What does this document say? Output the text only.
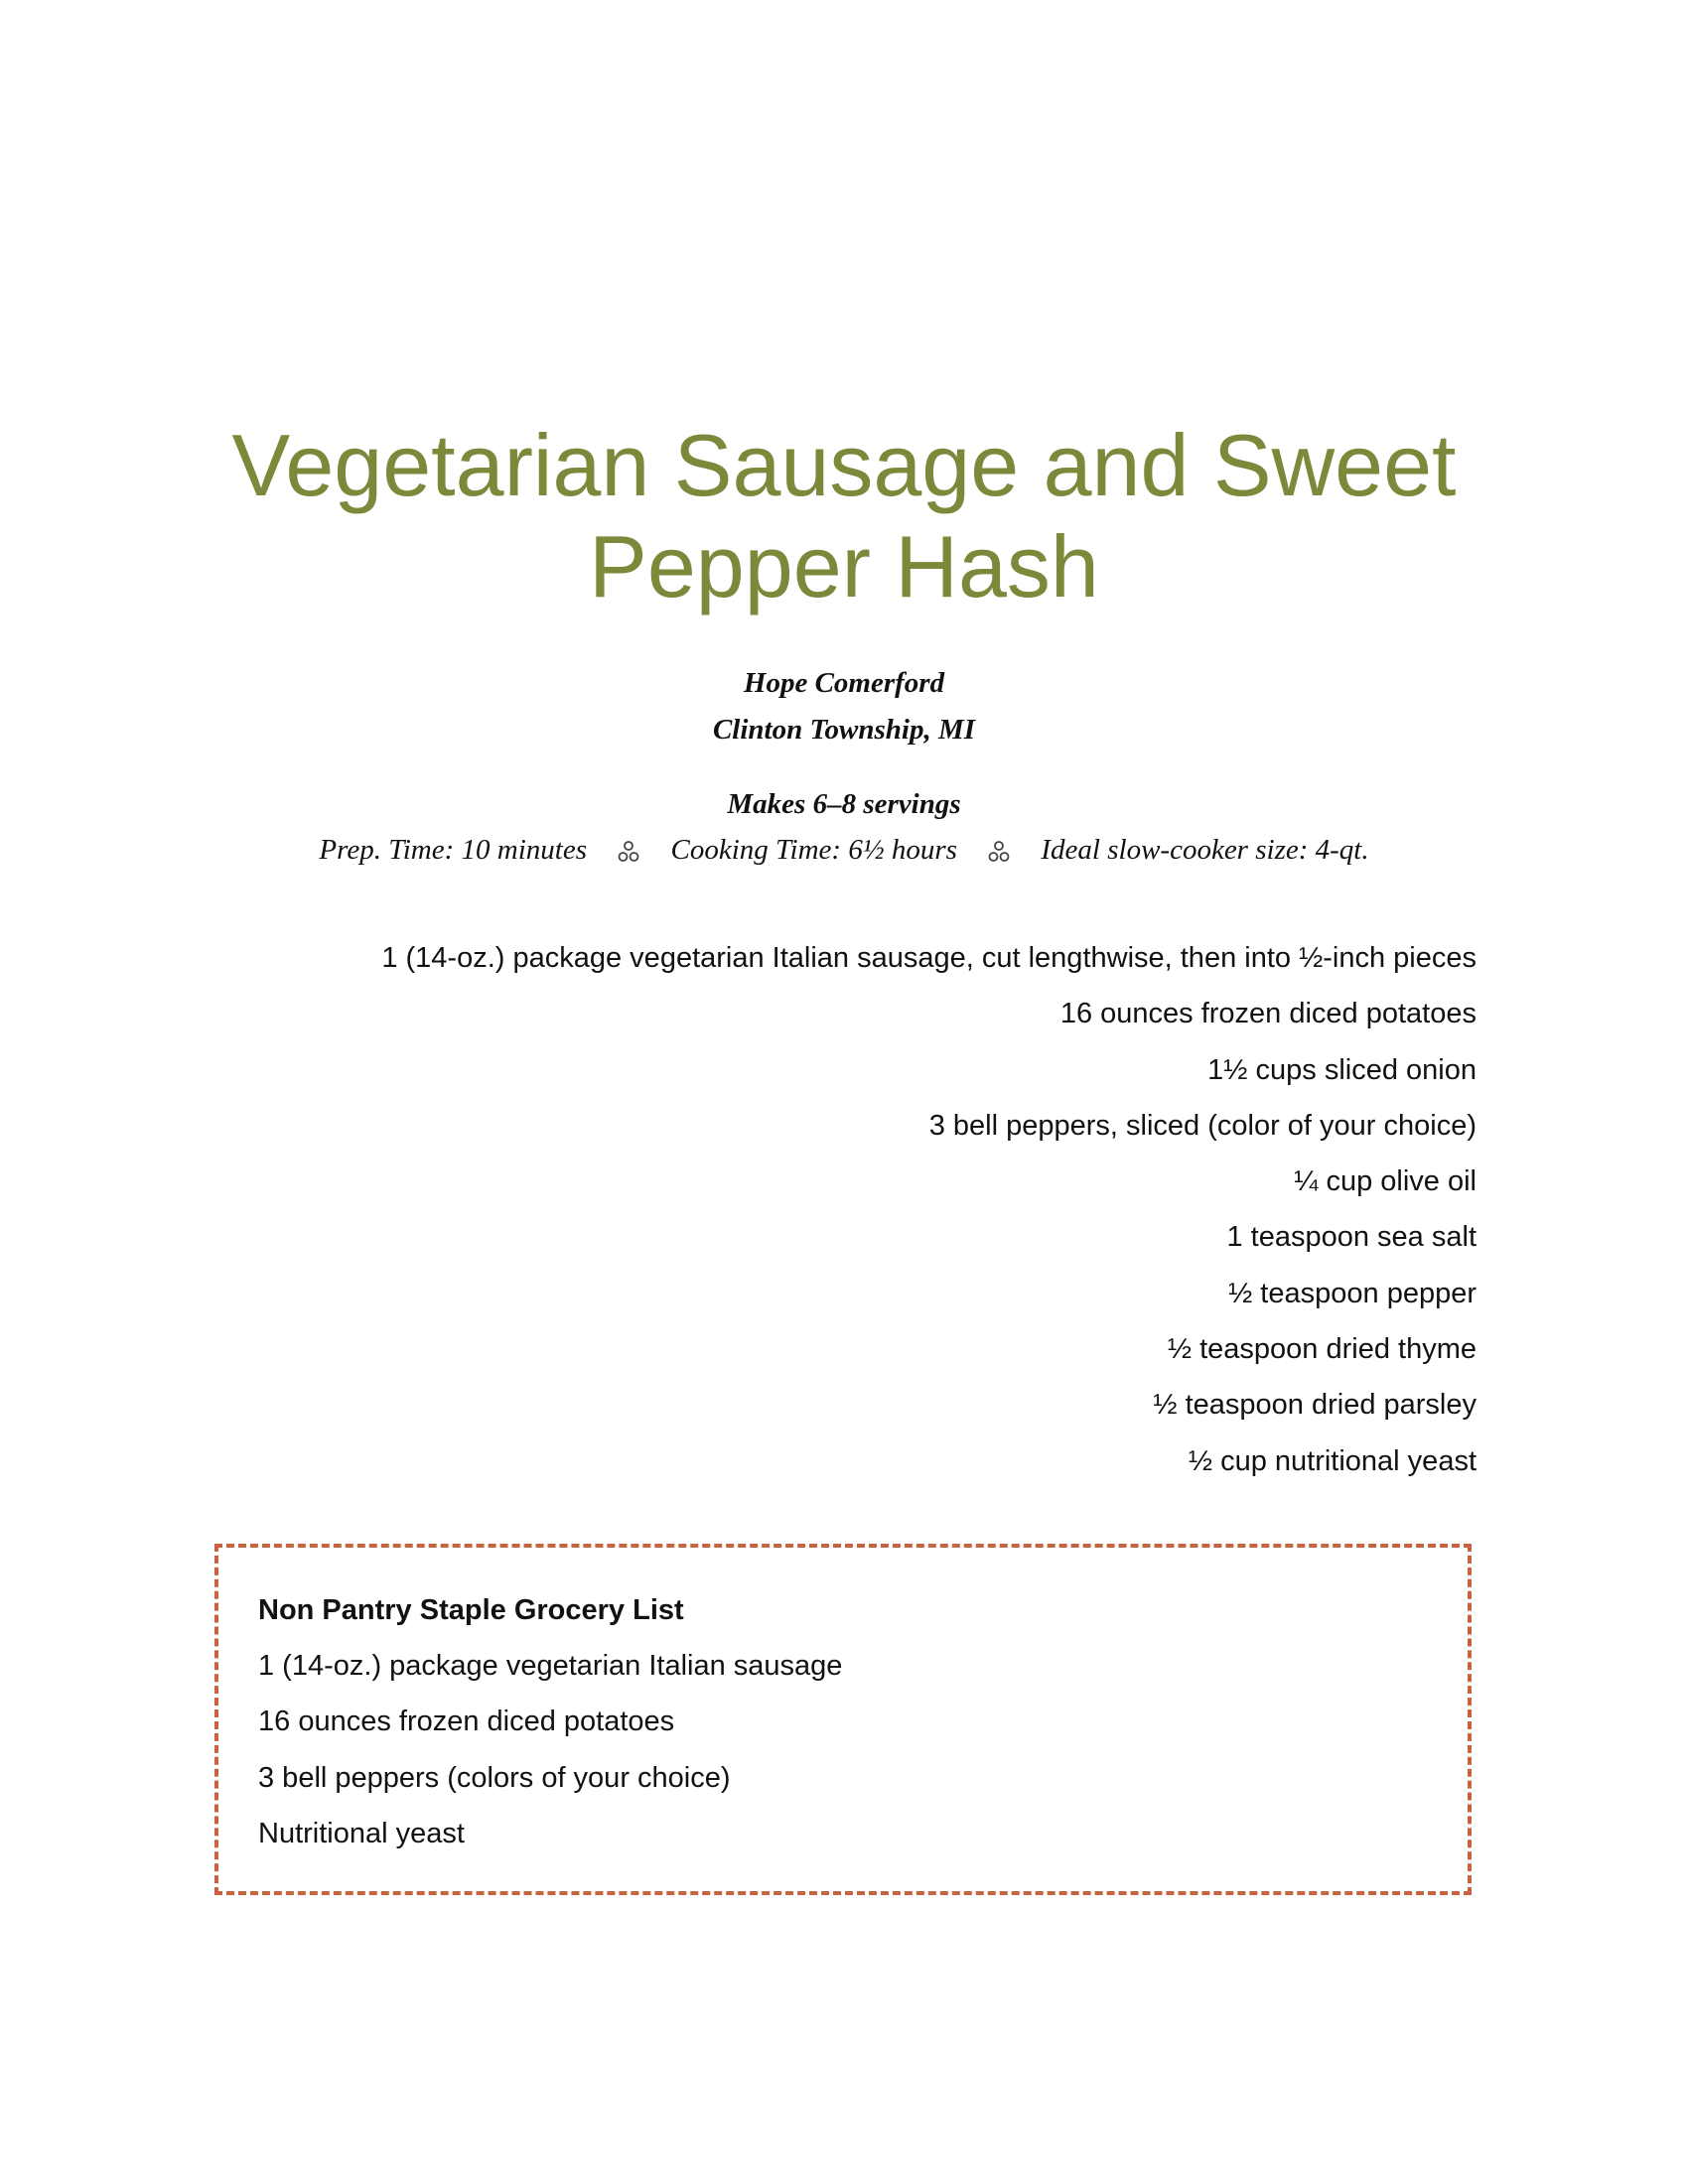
Vegetarian Sausage and Sweet Pepper Hash
Hope Comerford
Clinton Township, MI
Makes 6–8 servings
Prep. Time: 10 minutes	Cooking Time: 6½ hours	Ideal slow-cooker size: 4-qt.
1 (14-oz.) package vegetarian Italian sausage, cut lengthwise, then into ½-inch pieces
16 ounces frozen diced potatoes
1½ cups sliced onion
3 bell peppers, sliced (color of your choice)
¼ cup olive oil
1 teaspoon sea salt
½ teaspoon pepper
½ teaspoon dried thyme
½ teaspoon dried parsley
½ cup nutritional yeast
Non Pantry Staple Grocery List
1 (14-oz.) package vegetarian Italian sausage
16 ounces frozen diced potatoes
3 bell peppers (colors of your choice)
Nutritional yeast
